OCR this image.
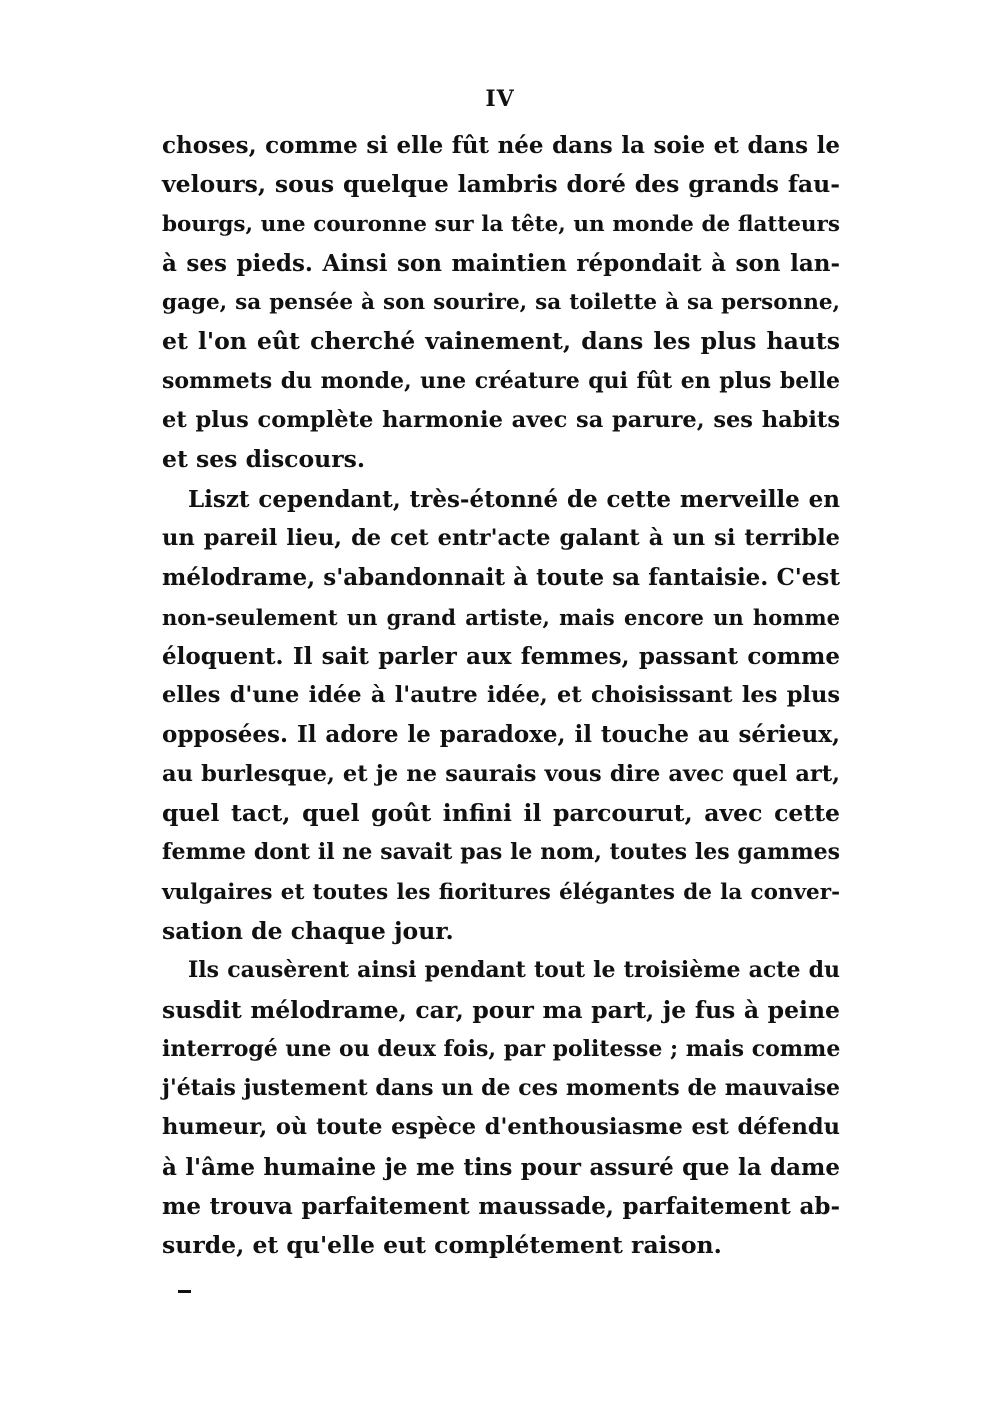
IV
choses, comme si elle fût née dans la soie et dans le
velours, sous quelque lambris doré des grands fau-
bourgs, une couronne sur la tête, un monde de flatteurs
à ses pieds. Ainsi son maintien répondait à son lan-
gage, sa pensée à son sourire, sa toilette à sa personne,
et l'on eût cherché vainement, dans les plus hauts
sommets du monde, une créature qui fût en plus belle
et plus complète harmonie avec sa parure, ses habits
et ses discours.
Liszt cependant, très-étonné de cette merveille en
un pareil lieu, de cet entr'acte galant à un si terrible
mélodrame, s'abandonnait à toute sa fantaisie. C'est
non-seulement un grand artiste, mais encore un homme
éloquent. Il sait parler aux femmes, passant comme
elles d'une idée à l'autre idée, et choisissant les plus
opposées. Il adore le paradoxe, il touche au sérieux,
au burlesque, et je ne saurais vous dire avec quel art,
quel tact, quel goût infini il parcourut, avec cette
femme dont il ne savait pas le nom, toutes les gammes
vulgaires et toutes les fioritures élégantes de la conver-
sation de chaque jour.
Ils causèrent ainsi pendant tout le troisième acte du
susdit mélodrame, car, pour ma part, je fus à peine
interrogé une ou deux fois, par politesse ; mais comme
j'étais justement dans un de ces moments de mauvaise
humeur, où toute espèce d'enthousiasme est défendu
à l'âme humaine je me tins pour assuré que la dame
me trouva parfaitement maussade, parfaitement ab-
surde, et qu'elle eut complétement raison.
